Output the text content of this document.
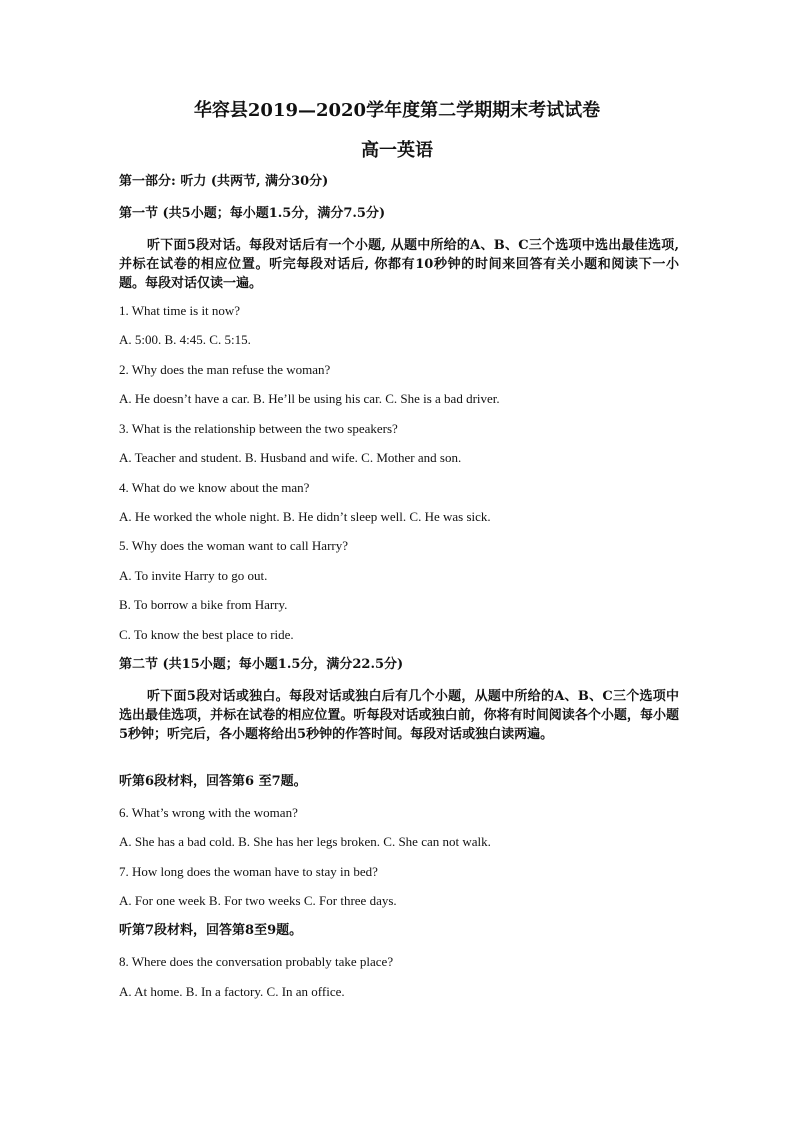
华容县2019—2020学年度第二学期期末考试试卷
高一英语
第一部分: 听力 (共两节, 满分30分)
第一节 (共5小题；每小题1.5分，满分7.5分)
听下面5段对话。每段对话后有一个小题, 从题中所给的A、B、C三个选项中选出最佳选项, 并标在试卷的相应位置。听完每段对话后, 你都有10秒钟的时间来回答有关小题和阅读下一小题。每段对话仅读一遍。
1. What time is it now?
A. 5:00. B. 4:45. C. 5:15.
2. Why does the man refuse the woman?
A. He doesn’t have a car. B. He’ll be using his car. C. She is a bad driver.
3. What is the relationship between the two speakers?
A. Teacher and student. B. Husband and wife. C. Mother and son.
4. What do we know about the man?
A. He worked the whole night. B. He didn’t sleep well. C. He was sick.
5. Why does the woman want to call Harry?
A. To invite Harry to go out.
B. To borrow a bike from Harry.
C. To know the best place to ride.
第二节 (共15小题；每小题1.5分，满分22.5分)
听下面5段对话或独白。每段对话或独白后有几个小题，从题中所给的A、B、C三个选项中选出最佳选项，并标在试卷的相应位置。听每段对话或独白前，你将有时间阅读各个小题，每小题5秒钟；听完后，各小题将给出5秒钟的作答时间。每段对话或独白读两遍。
听第6段材料，回答第6 至7题。
6. What’s wrong with the woman?
A. She has a bad cold. B. She has her legs broken. C. She can not walk.
7. How long does the woman have to stay in bed?
A. For one week B. For two weeks C. For three days.
听第7段材料，回答第8至9题。
8. Where does the conversation probably take place?
A. At home. B. In a factory. C. In an office.
